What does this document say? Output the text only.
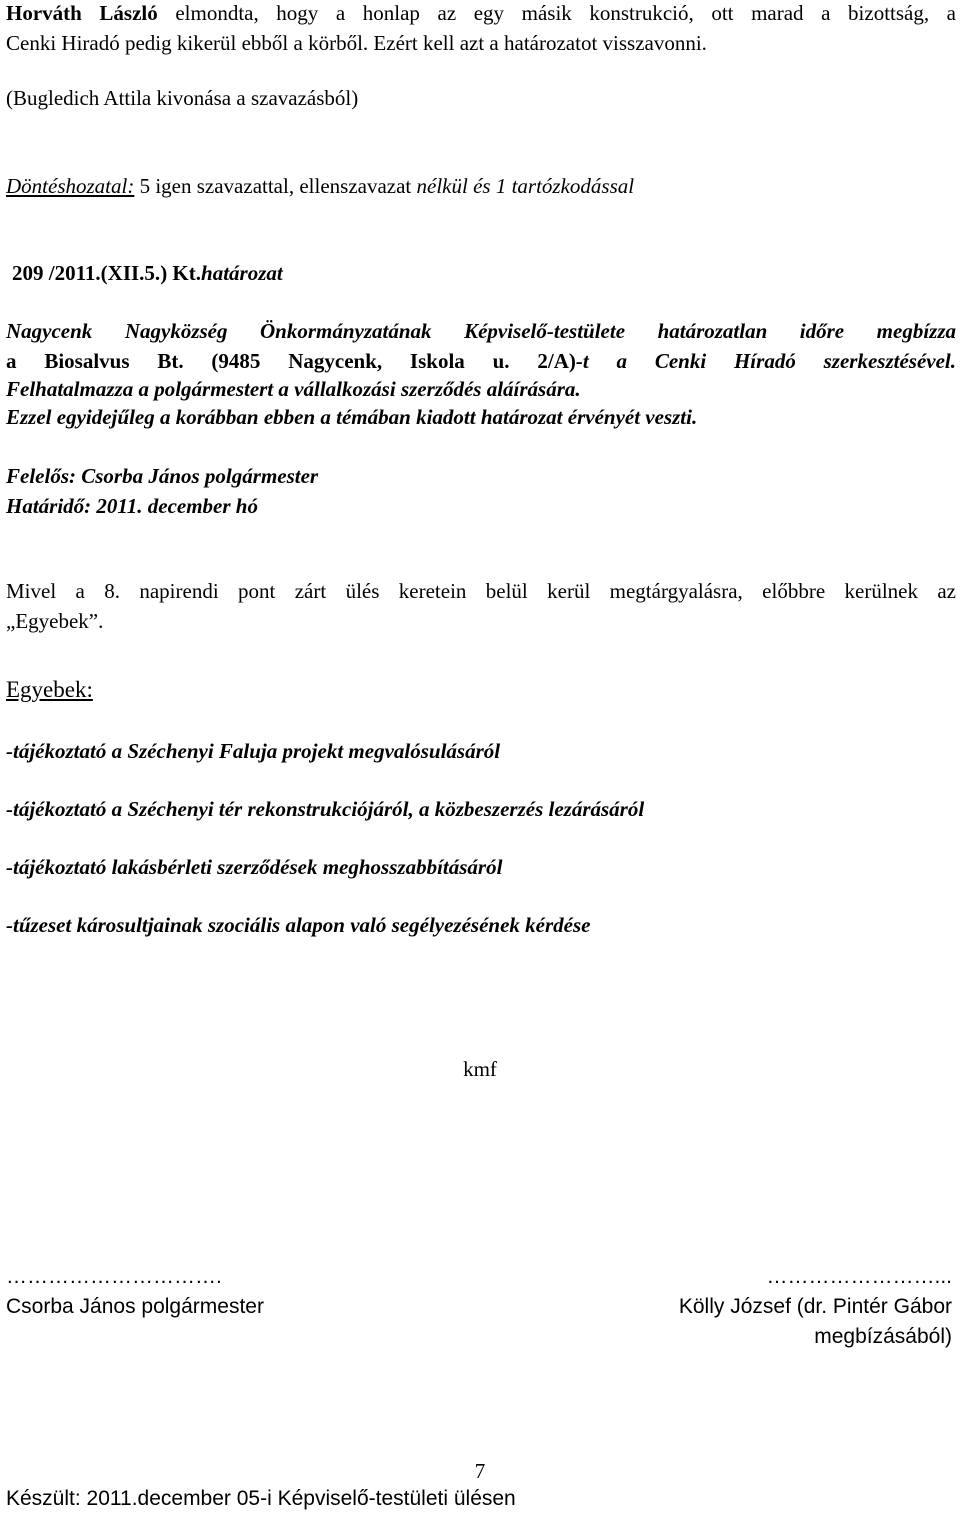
Horváth László elmondta, hogy a honlap az egy másik konstrukció, ott marad a bizottság, a
Cenki Hiradó pedig kikerül ebből a körből. Ezért kell azt a határozatot visszavonni.
(Bugledich Attila kivonása a szavazásból)
Döntéshozatal: 5 igen szavazattal, ellenszavazat nélkül és 1 tartózkodással
209 /2011.(XII.5.) Kt.határozat
Nagycenk Nagyközség Önkormányzatának Képviselő-testülete határozatlan időre megbízza
a Biosalvus Bt. (9485 Nagycenk, Iskola u. 2/A)-t a Cenki Híradó szerkesztésével.
Felhatalmazza a polgármestert a vállalkozási szerződés aláírására.
Ezzel egyidejűleg a korábban ebben a témában kiadott határozat érvényét veszti.
Felelős: Csorba János polgármester
Határidő: 2011. december hó
Mivel a 8. napirendi pont zárt ülés keretein belül kerül megtárgyalásra, előbbre kerülnek az
„Egyebek”.
Egyebek:
-tájékoztató a Széchenyi Faluja projekt megvalósulásáról
-tájékoztató a Széchenyi tér rekonstrukciójáról, a közbeszerzés lezárásáról
-tájékoztató lakásbérleti szerződések meghosszabbításáról
-tűzeset károsultjainak szociális alapon való segélyezésének kérdése
kmf
………………………….
Csorba János polgármester
……………………...
Kölly József (dr. Pintér Gábor
megbízásából)
7
Készült: 2011.december 05-i Képviselő-testületi ülésen
